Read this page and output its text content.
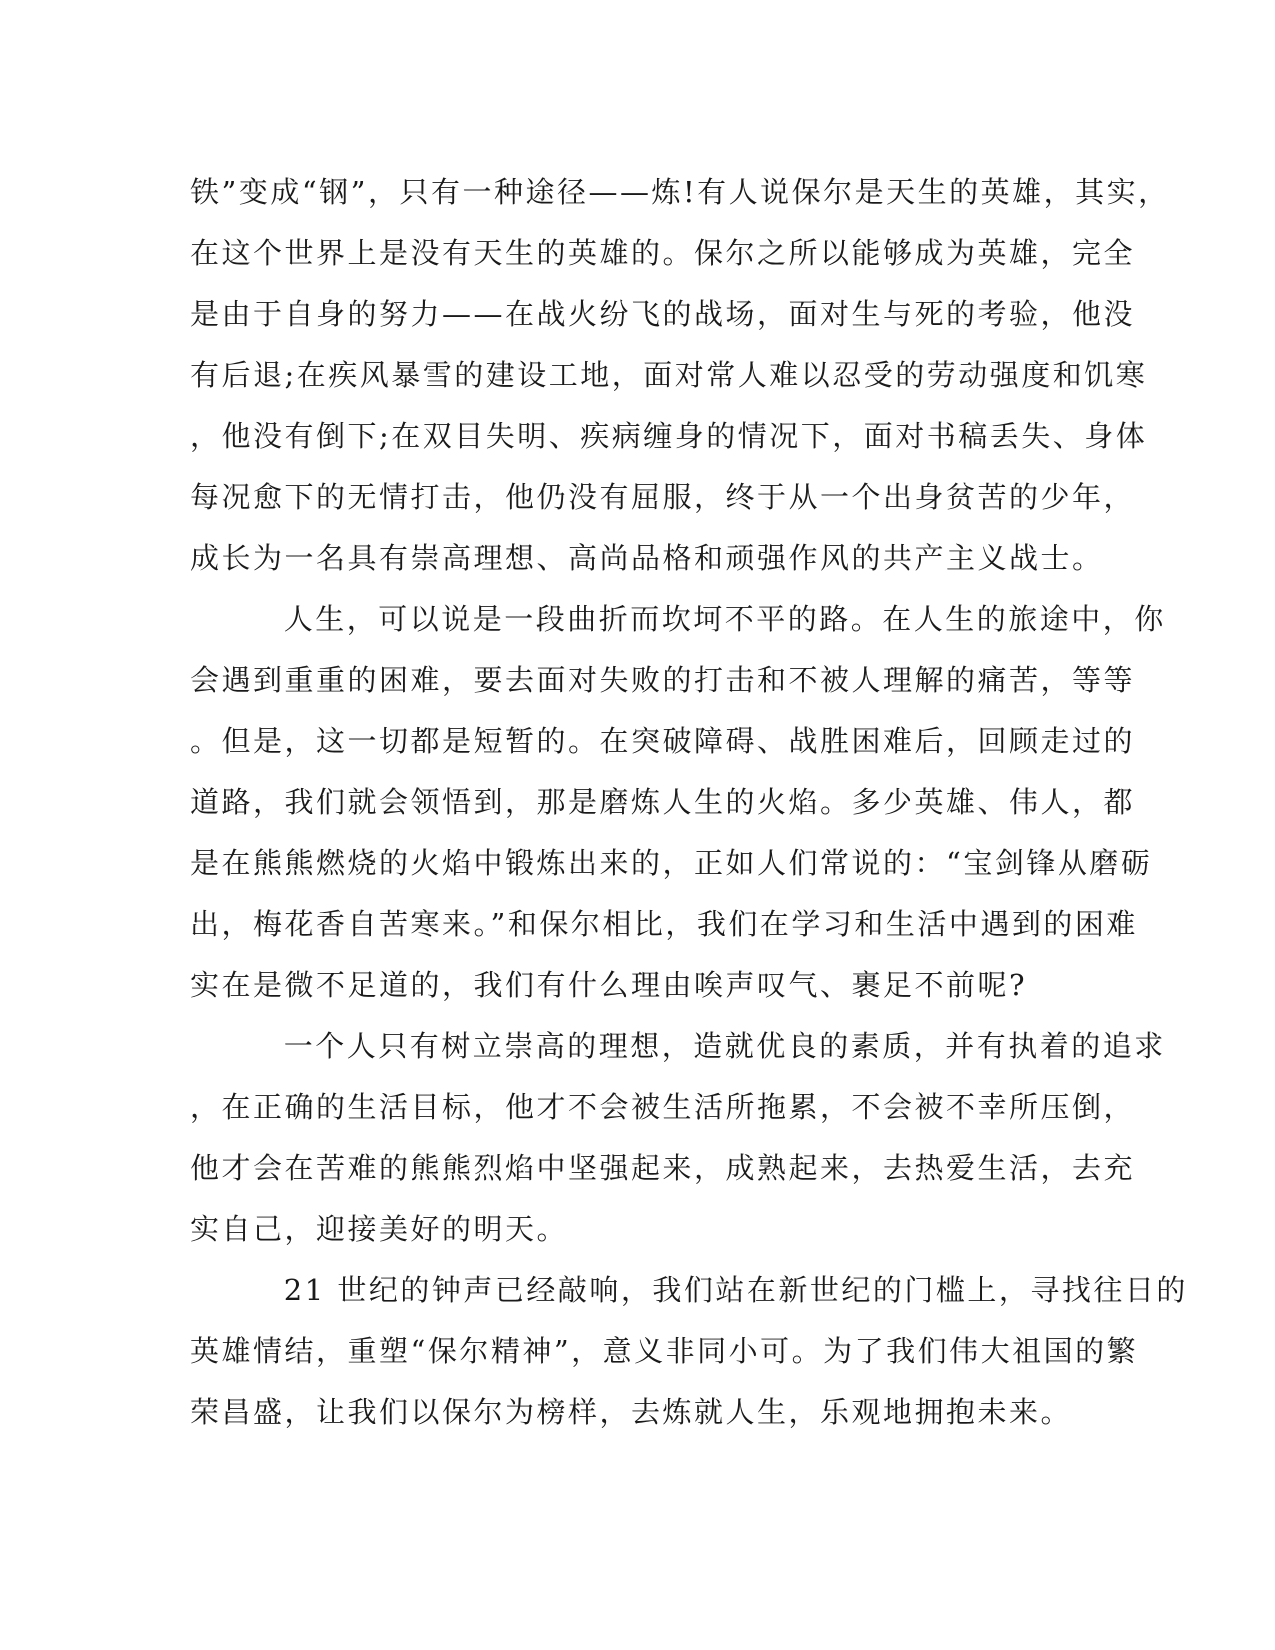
铁”变成“钢”，只有一种途径——炼!有人说保尔是天生的英雄，其实，
在这个世界上是没有天生的英雄的。保尔之所以能够成为英雄，完全
是由于自身的努力——在战火纷飞的战场，面对生与死的考验，他没
有后退;在疾风暴雪的建设工地，面对常人难以忍受的劳动强度和饥寒
，他没有倒下;在双目失明、疾病缠身的情况下，面对书稿丢失、身体
每况愈下的无情打击，他仍没有屈服，终于从一个出身贫苦的少年，
成长为一名具有崇高理想、高尚品格和顽强作风的共产主义战士。
人生，可以说是一段曲折而坎坷不平的路。在人生的旅途中，你
会遇到重重的困难，要去面对失败的打击和不被人理解的痛苦，等等
。但是，这一切都是短暂的。在突破障碍、战胜困难后，回顾走过的
道路，我们就会领悟到，那是磨炼人生的火焰。多少英雄、伟人，都
是在熊熊燃烧的火焰中锻炼出来的，正如人们常说的：“宝剑锋从磨砺
出，梅花香自苦寒来。”和保尔相比，我们在学习和生活中遇到的困难
实在是微不足道的，我们有什么理由唉声叹气、裹足不前呢?
一个人只有树立崇高的理想，造就优良的素质，并有执着的追求
，在正确的生活目标，他才不会被生活所拖累，不会被不幸所压倒，
他才会在苦难的熊熊烈焰中坚强起来，成熟起来，去热爱生活，去充
实自己，迎接美好的明天。
21 世纪的钟声已经敲响，我们站在新世纪的门槛上，寻找往日的
英雄情结，重塑“保尔精神”，意义非同小可。为了我们伟大祖国的繁
荣昌盛，让我们以保尔为榜样，去炼就人生，乐观地拥抱未来。
